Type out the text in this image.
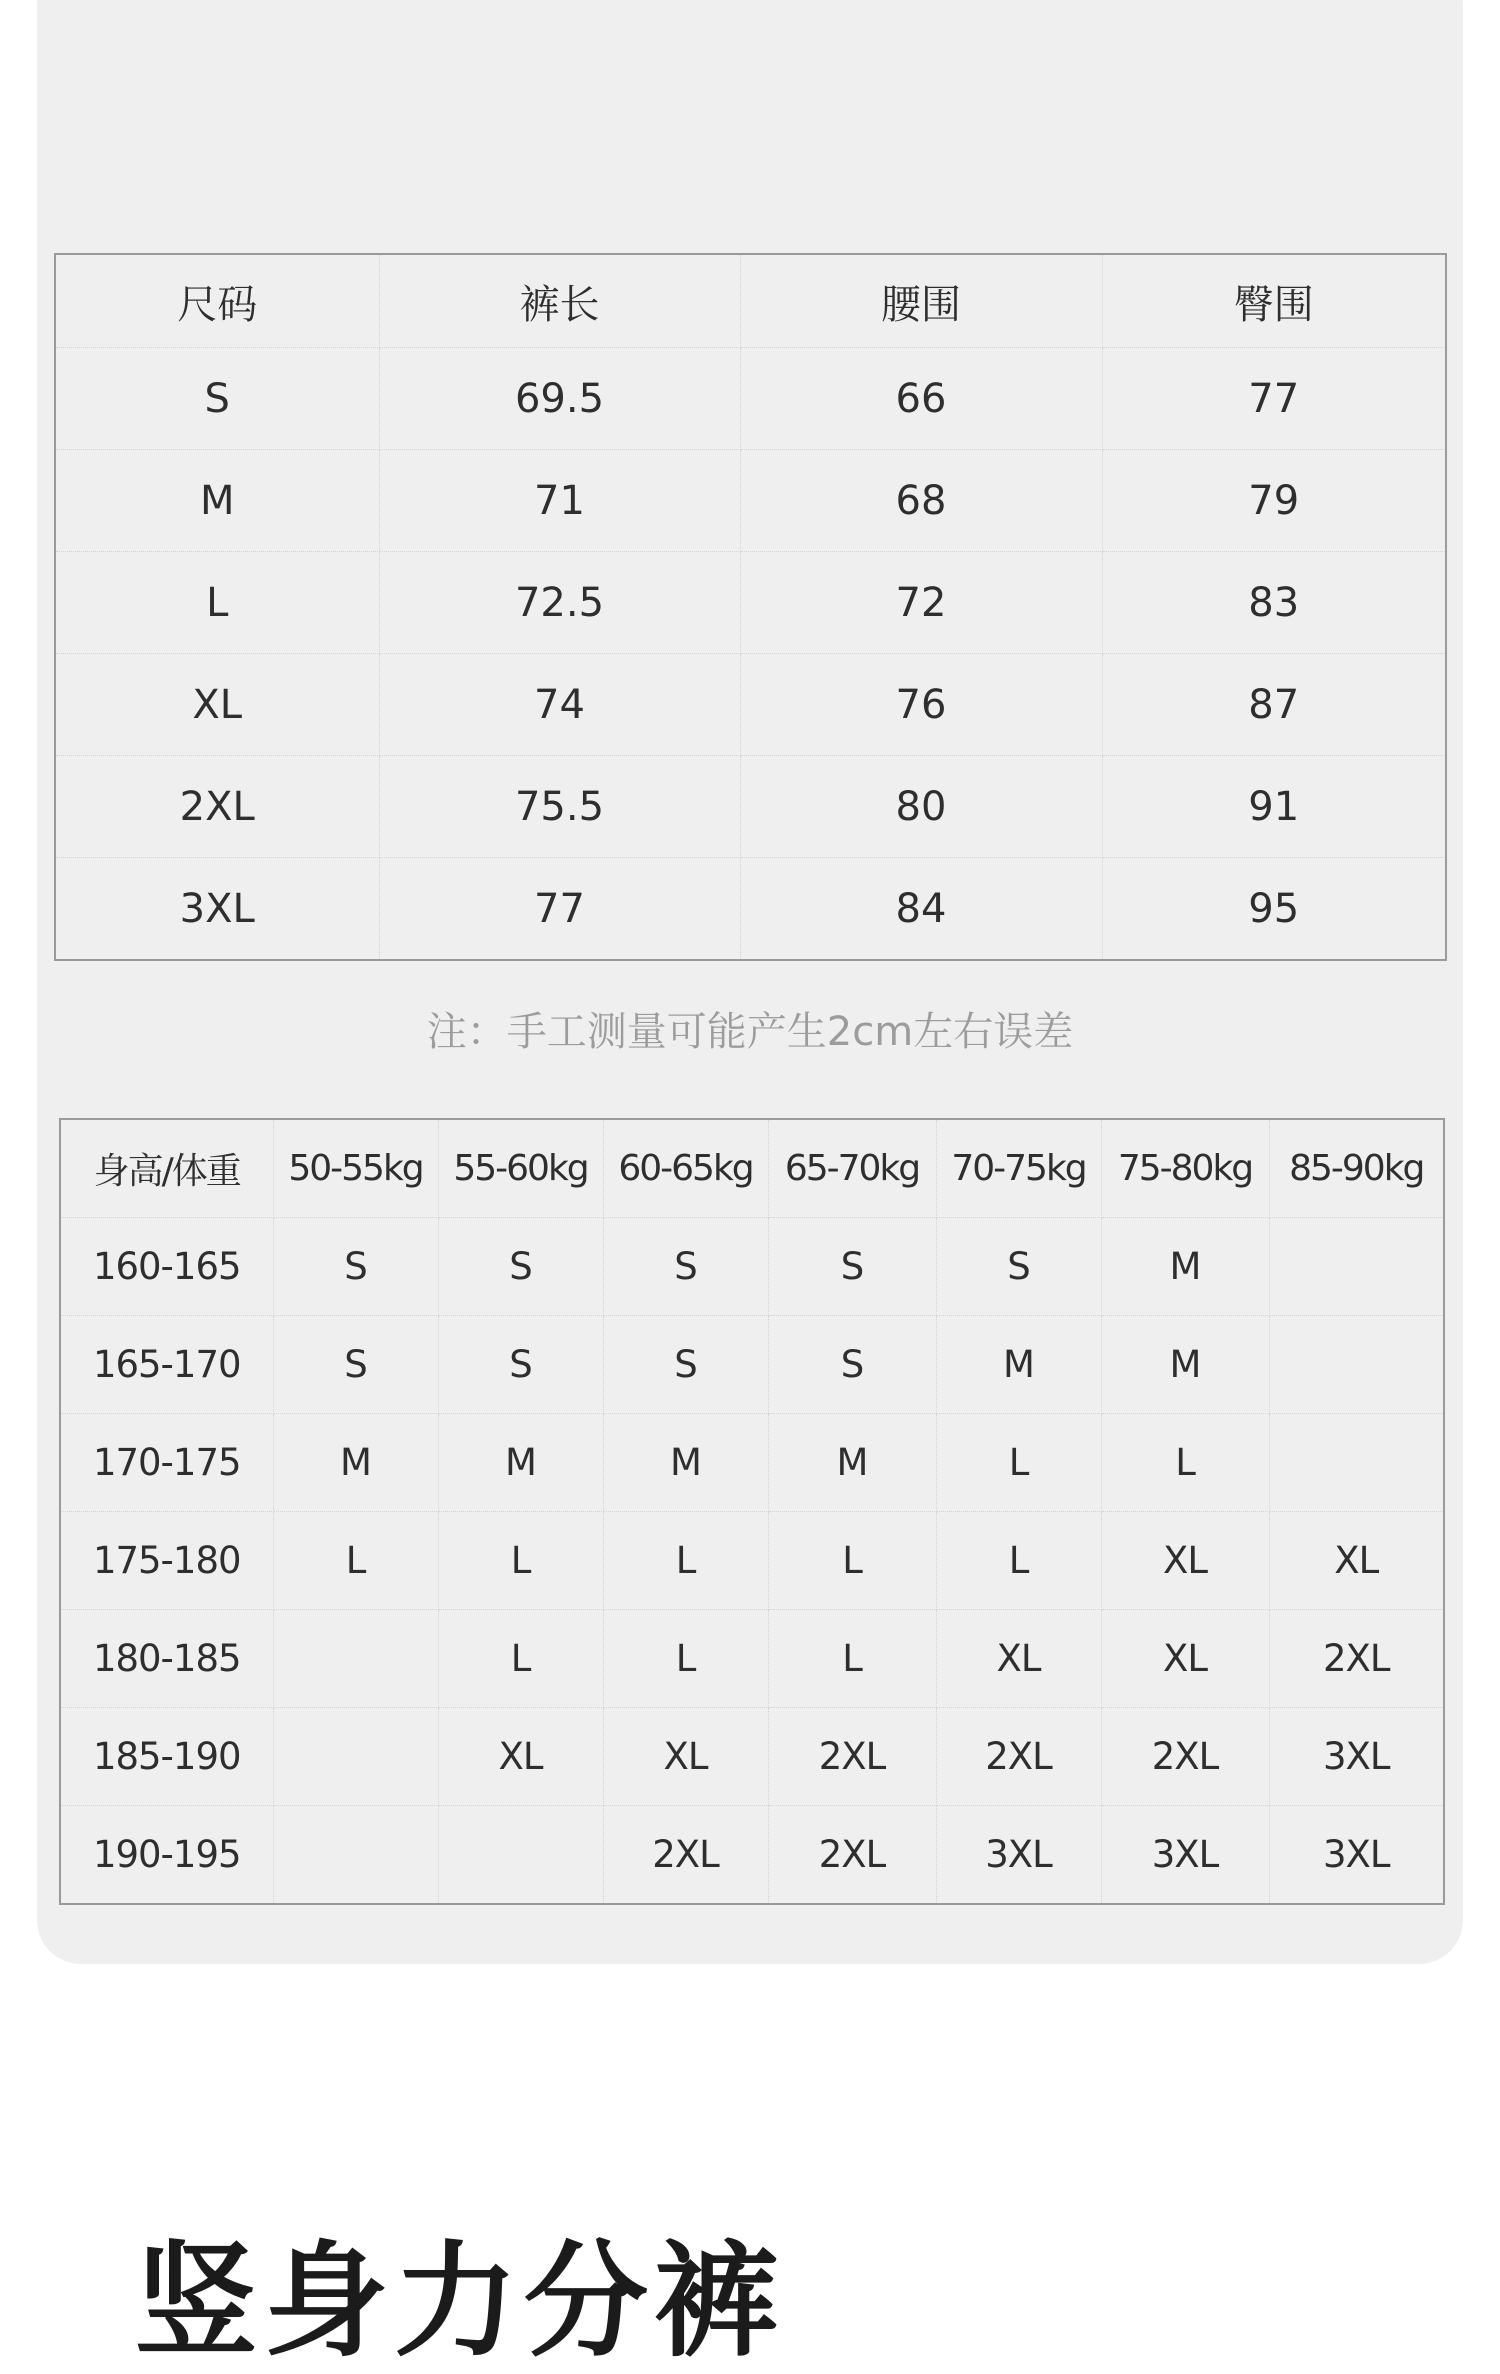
尺码	裤长	腰围	臀围
S	69.5	66	77
M	71	68	79
L	72.5	72	83
XL	74	76	87
2XL	75.5	80	91
3XL	77	84	95
注：手工测量可能产生2cm左右误差
身高/体重	50-55kg	55-60kg	60-65kg	65-70kg	70-75kg	75-80kg	85-90kg
160-165	S	S	S	S	S	M	
165-170	S	S	S	S	M	M	
170-175	M	M	M	M	L	L	
175-180	L	L	L	L	L	XL	XL
180-185		L	L	L	XL	XL	2XL
185-190		XL	XL	2XL	2XL	2XL	3XL
190-195			2XL	2XL	3XL	3XL	3XL
竖身力分裤
